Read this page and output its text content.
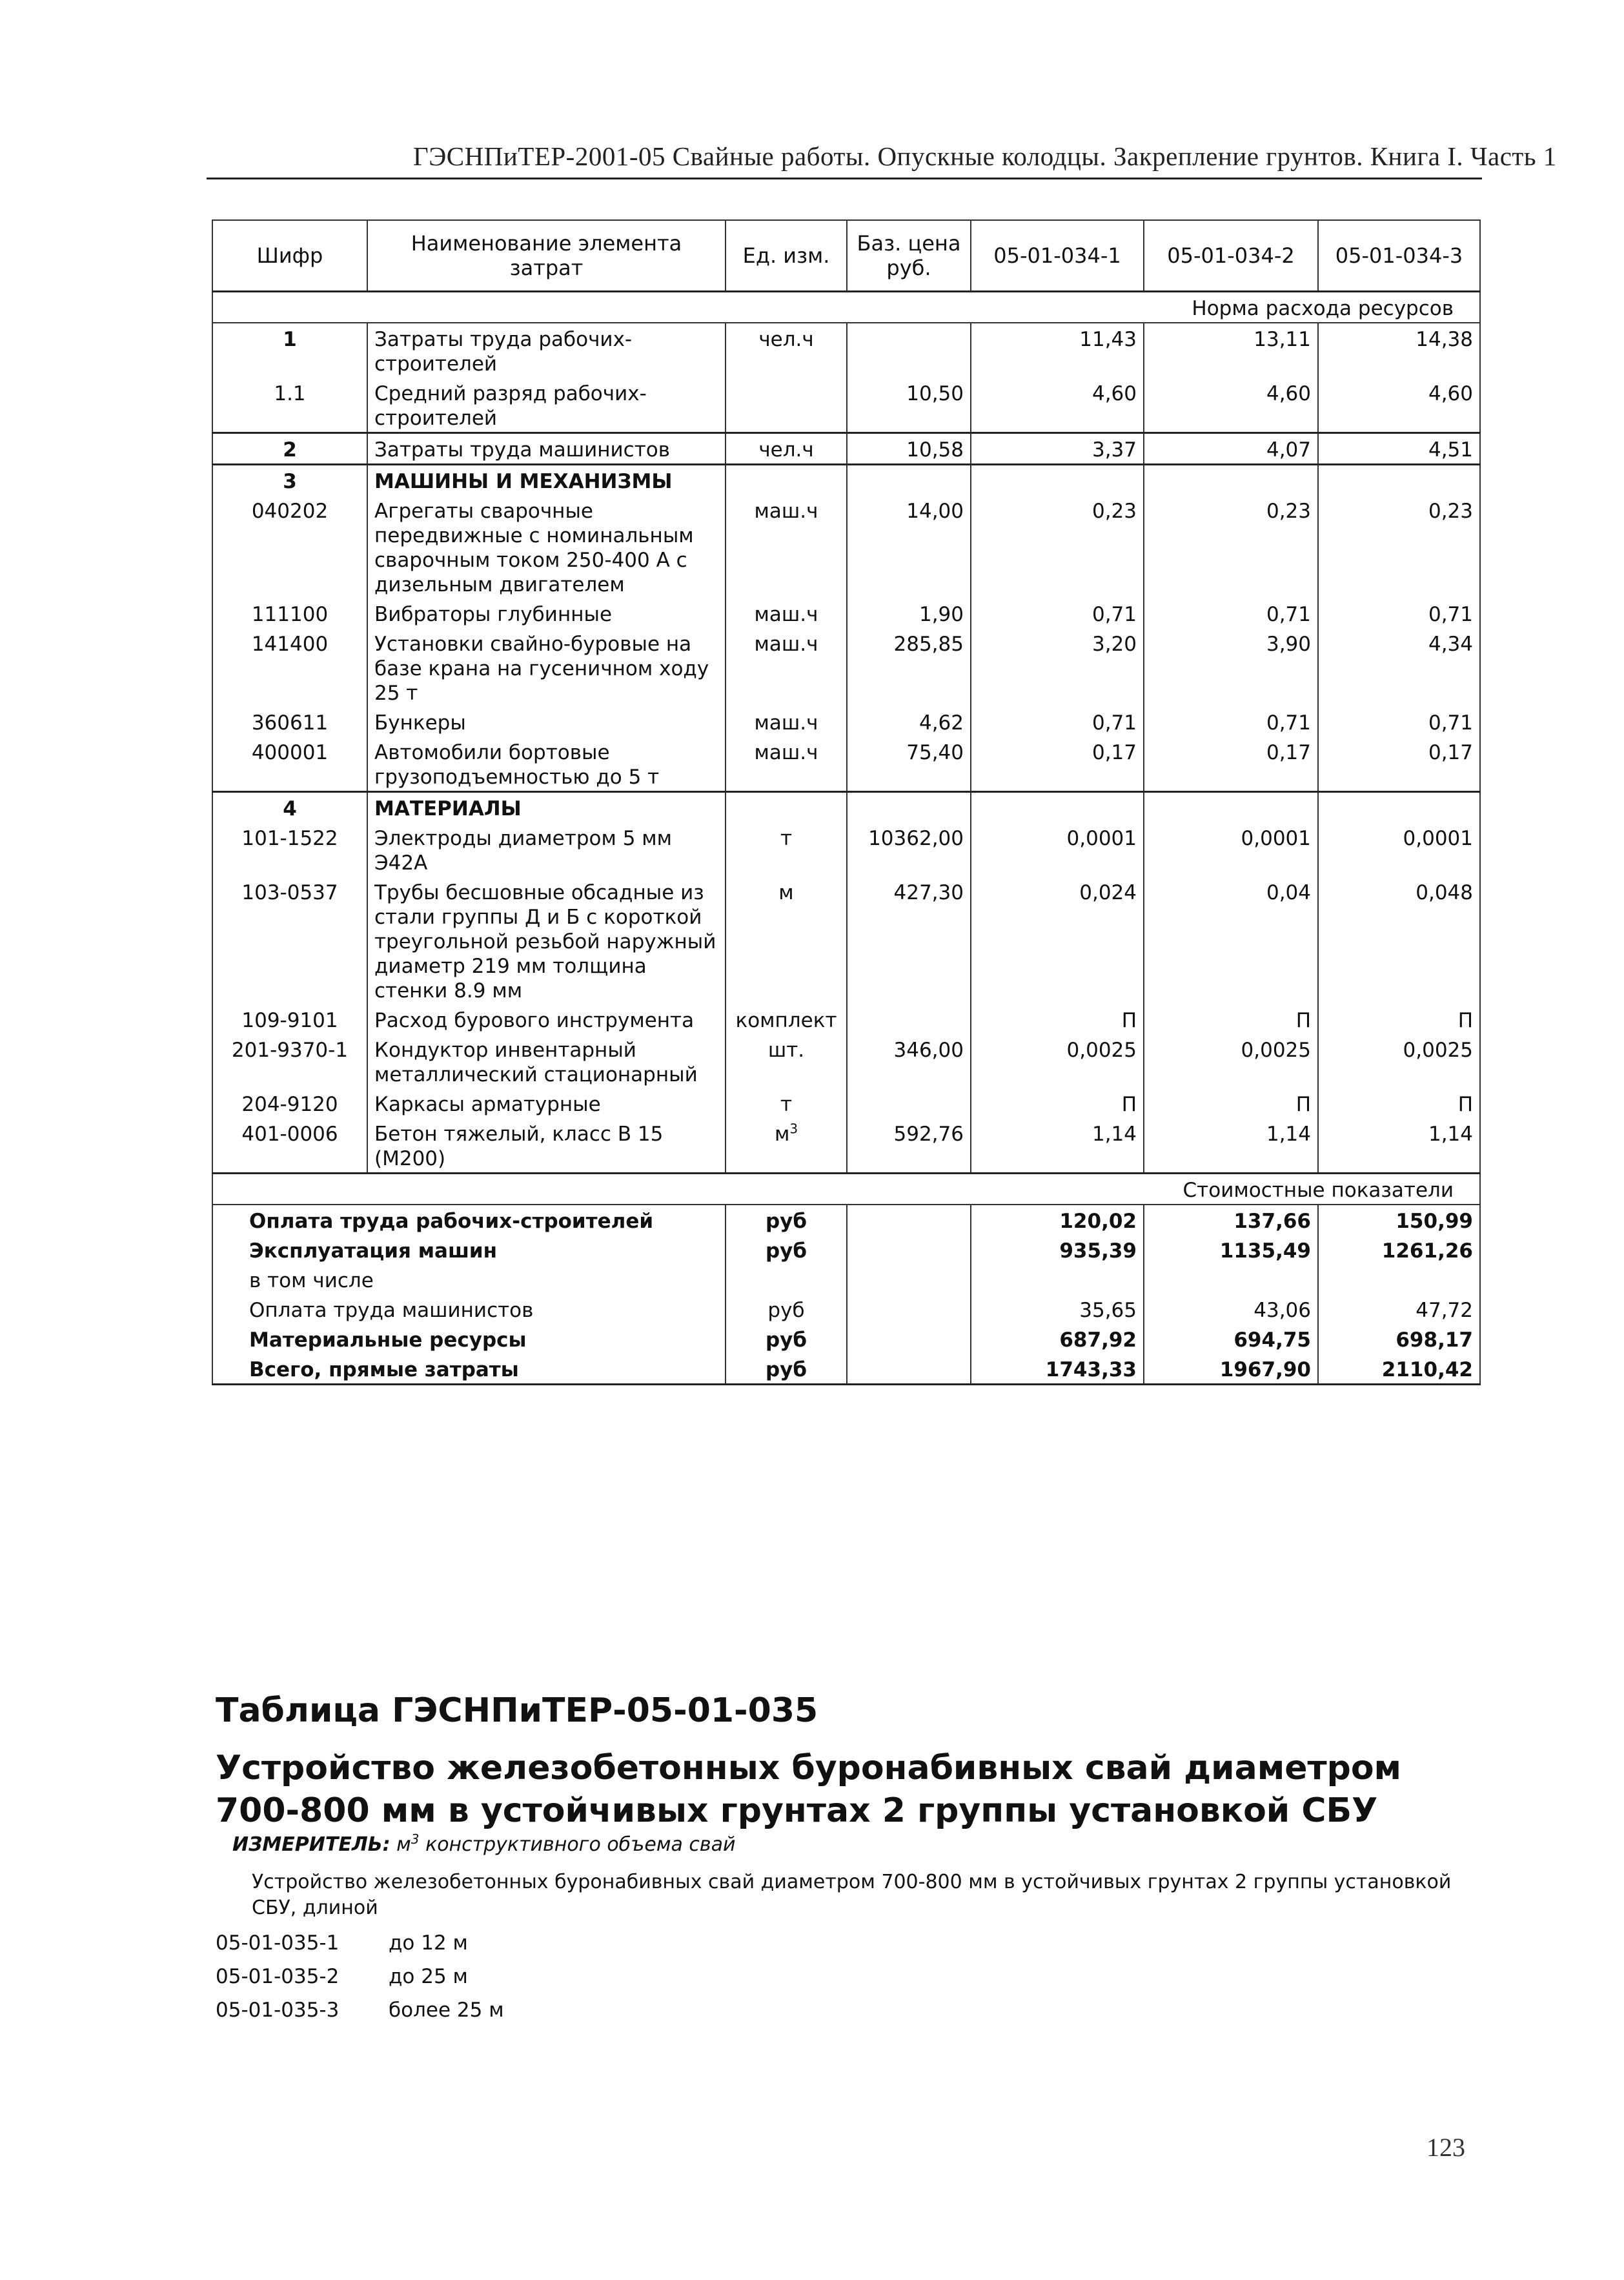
ГЭСНПиТЕР-2001-05 Свайные работы. Опускные колодцы. Закрепление грунтов. Книга I. Часть 1
Шифр	Наименование элемента затрат	Ед. изм.	Баз. цена руб.	05-01-034-1	05-01-034-2	05-01-034-3
Норма расхода ресурсов						
1	Затраты труда рабочих-строителей	чел.ч		11,43	13,11	14,38
1.1	Средний разряд рабочих-строителей		10,50	4,60	4,60	4,60
2	Затраты труда машинистов	чел.ч	10,58	3,37	4,07	4,51
3	МАШИНЫ И МЕХАНИЗМЫ					
040202	Агрегаты сварочные передвижные с номинальным сварочным током 250-400 А с дизельным двигателем	маш.ч	14,00	0,23	0,23	0,23
111100	Вибраторы глубинные	маш.ч	1,90	0,71	0,71	0,71
141400	Установки свайно-буровые на базе крана на гусеничном ходу 25 т	маш.ч	285,85	3,20	3,90	4,34
360611	Бункеры	маш.ч	4,62	0,71	0,71	0,71
400001	Автомобили бортовые грузоподъемностью до 5 т	маш.ч	75,40	0,17	0,17	0,17
4	МАТЕРИАЛЫ					
101-1522	Электроды диаметром 5 мм Э42А	т	10362,00	0,0001	0,0001	0,0001
103-0537	Трубы бесшовные обсадные из стали группы Д и Б с короткой треугольной резьбой наружный диаметр 219 мм толщина стенки 8.9 мм	м	427,30	0,024	0,04	0,048
109-9101	Расход бурового инструмента	комплект		П	П	П
201-9370-1	Кондуктор инвентарный металлический стационарный	шт.	346,00	0,0025	0,0025	0,0025
204-9120	Каркасы арматурные	т		П	П	П
401-0006	Бетон тяжелый, класс В 15 (М200)	$м^3$	592,76	1,14	1,14	1,14
Стоимостные показатели						
Оплата труда рабочих-строителей		руб		120,02	137,66	150,99
Эксплуатация машин		руб		935,39	1135,49	1261,26
в том числе						
Оплата труда машинистов		руб		35,65	43,06	47,72
Материальные ресурсы		руб		687,92	694,75	698,17
Всего, прямые затраты		руб		1743,33	1967,90	2110,42
Таблица ГЭСНПиТЕР-05-01-035
Устройство железобетонных буронабивных свай диаметром 700-800 мм в устойчивых грунтах 2 группы установкой СБУ
ИЗМЕРИТЕЛЬ: $м^3$ конструктивного объема свай
Устройство железобетонных буронабивных свай диаметром 700-800 мм в устойчивых грунтах 2 группы установкой СБУ, длиной
05-01-035-1	до 12 м
05-01-035-2	до 25 м
05-01-035-3	более 25 м
123
